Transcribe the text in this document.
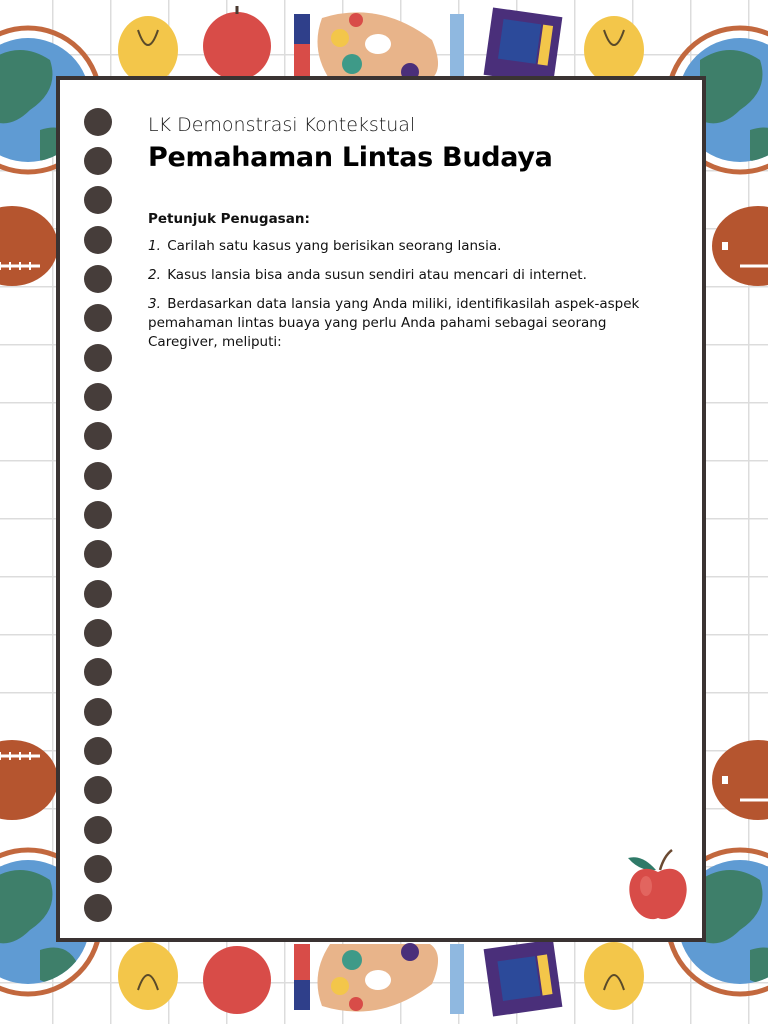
LK Demonstrasi Kontekstual
Pemahaman Lintas Budaya
Petunjuk Penugasan:
1. Carilah satu kasus yang berisikan seorang lansia.
2. Kasus lansia bisa anda susun sendiri atau mencari di internet.
3. Berdasarkan data lansia yang Anda miliki, identifikasilah aspek-aspek pemahaman lintas buaya yang perlu Anda pahami sebagai seorang Caregiver, meliputi:
